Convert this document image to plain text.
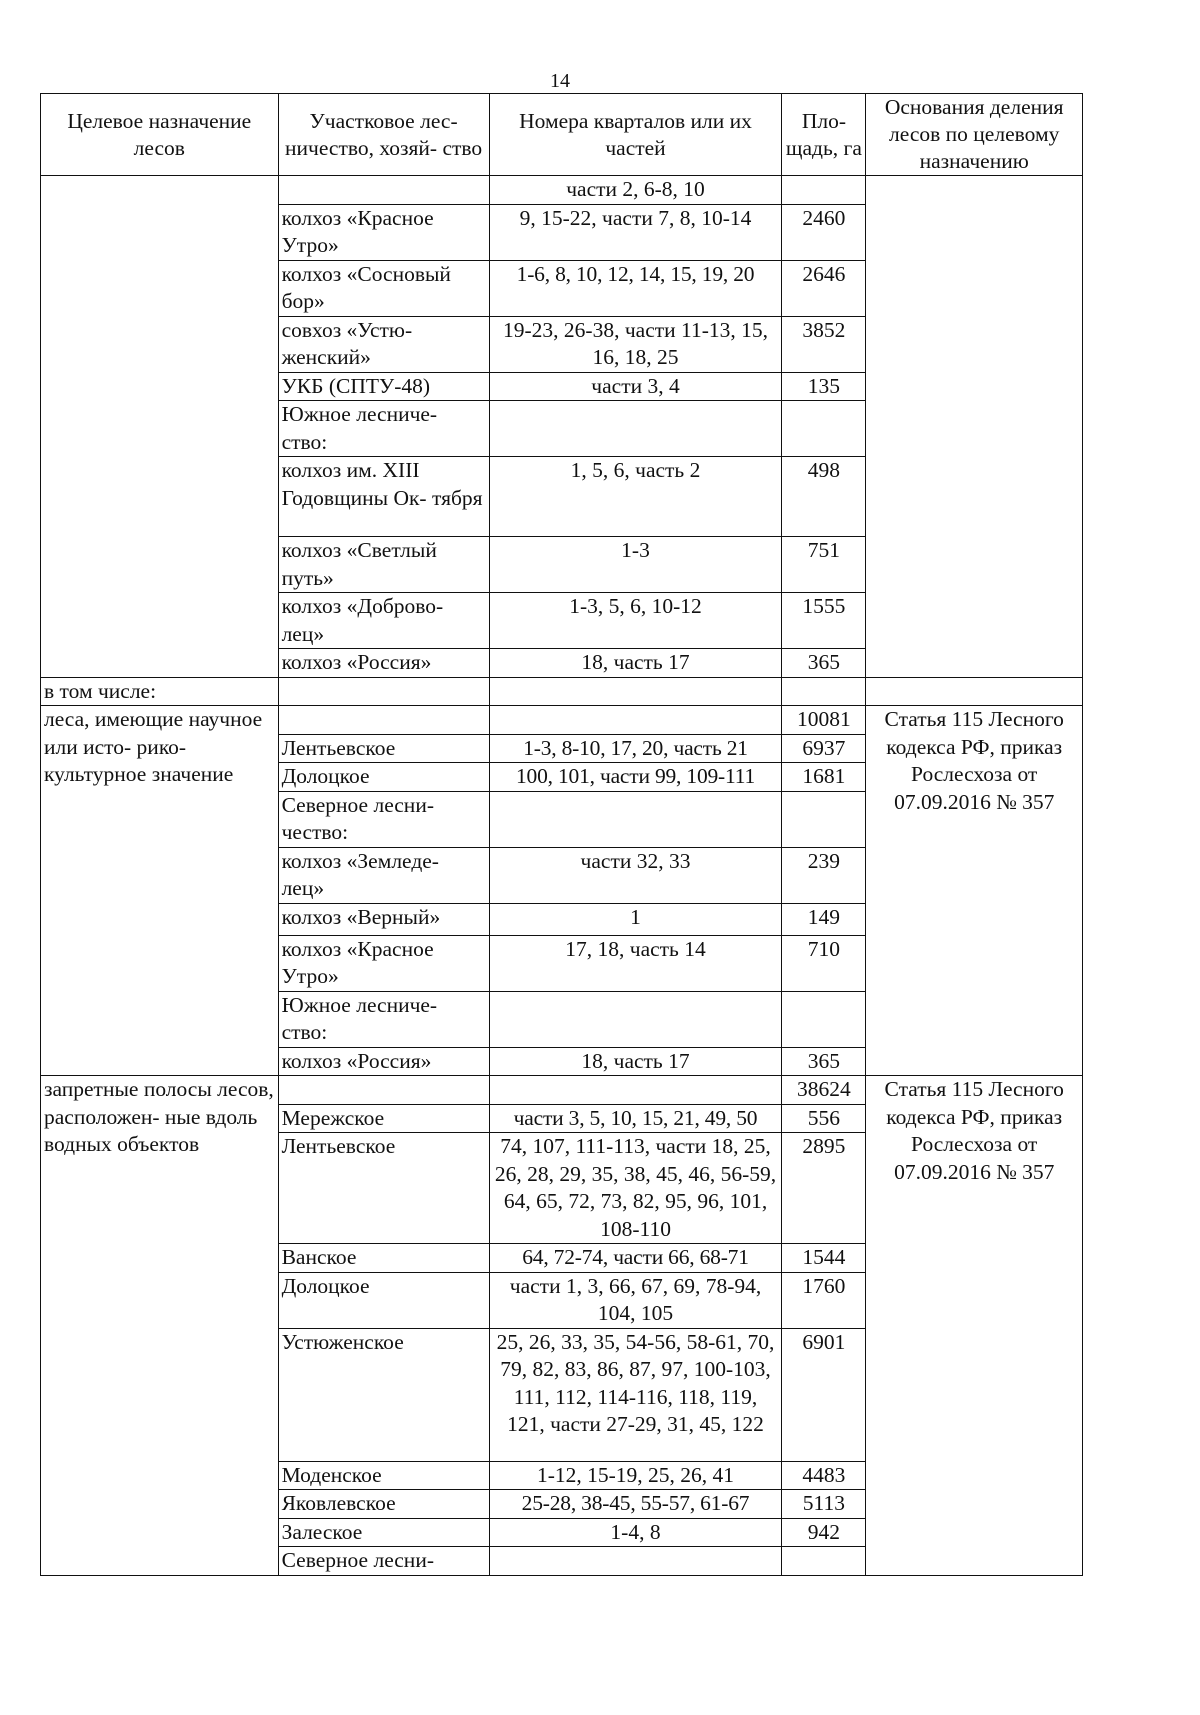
14
Целевое назначение лесов	Участковое лес- ничество, хозяй- ство	Номера кварталов или их частей	Пло- щадь, га	Основания деления лесов по целевому назначению
		части 2, 6-8, 10		
	колхоз «Красное Утро»	9, 15-22, части 7, 8, 10-14	2460	
	колхоз «Сосновый бор»	1-6, 8, 10, 12, 14, 15, 19, 20	2646	
	совхоз «Устю- женский»	19-23, 26-38, части 11-13, 15, 16, 18, 25	3852	
	УКБ (СПТУ-48)	части 3, 4	135	
	Южное лесниче- ство:			
	колхоз им. XIII Годовщины Ок- тября	1, 5, 6, часть 2	498	
	колхоз «Светлый путь»	1-3	751	
	колхоз «Доброво- лец»	1-3, 5, 6, 10-12	1555	
	колхоз «Россия»	18, часть 17	365	
в том числе:				
леса, имеющие научное или исто- рико-культурное значение			10081	Статья 115 Лесного кодекса РФ, приказ Рослесхоза от 07.09.2016 № 357
	Лентьевское	1-3, 8-10, 17, 20, часть 21	6937	
	Долоцкое	100, 101, части 99, 109-111	1681	
	Северное лесни- чество:			
	колхоз «Земледе- лец»	части 32, 33	239	
	колхоз «Верный»	1	149	
	колхоз «Красное Утро»	17, 18, часть 14	710	
	Южное лесниче- ство:			
	колхоз «Россия»	18, часть 17	365	
запретные полосы лесов, расположен- ные вдоль водных объектов			38624	Статья 115 Лесного кодекса РФ, приказ Рослесхоза от 07.09.2016 № 357
	Мережское	части 3, 5, 10, 15, 21, 49, 50	556	
	Лентьевское	74, 107, 111-113, части 18, 25, 26, 28, 29, 35, 38, 45, 46, 56-59, 64, 65, 72, 73, 82, 95, 96, 101, 108-110	2895	
	Ванское	64, 72-74, части 66, 68-71	1544	
	Долоцкое	части 1, 3, 66, 67, 69, 78-94, 104, 105	1760	
	Устюженское	25, 26, 33, 35, 54-56, 58-61, 70, 79, 82, 83, 86, 87, 97, 100-103, 111, 112, 114-116, 118, 119, 121, части 27-29, 31, 45, 122	6901	
	Моденское	1-12, 15-19, 25, 26, 41	4483	
	Яковлевское	25-28, 38-45, 55-57, 61-67	5113	
	Залеское	1-4, 8	942	
	Северное лесни-			
